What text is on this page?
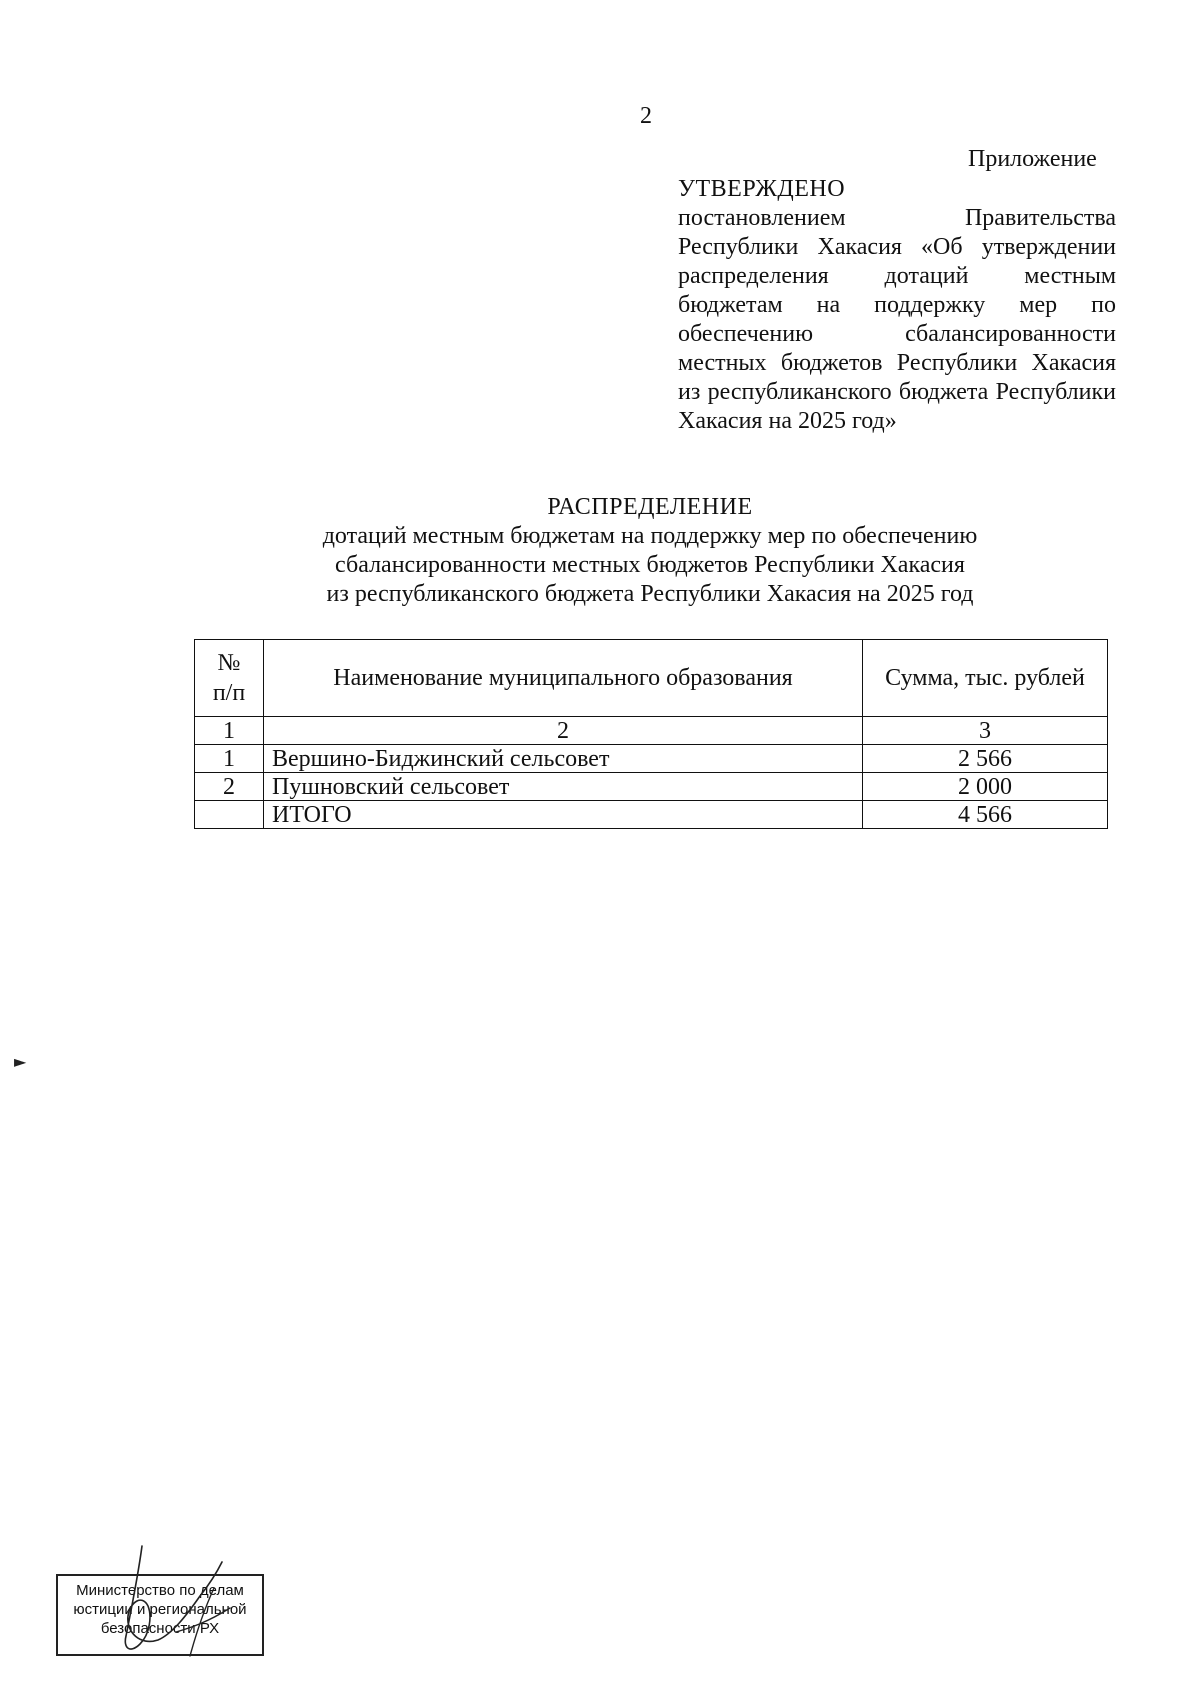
2
Приложение

УТВЕРЖДЕНО

постановлением Правительства Республики Хакасия «Об утверждении распределения дотаций местным бюджетам на поддержку мер по обеспечению сбалансированности местных бюджетов Республики Хакасия из республиканского бюджета Республики Хакасия на 2025 год»

РАСПРЕДЕЛЕНИЕ

дотаций местным бюджетам на поддержку мер по обеспечению

сбалансированности местных бюджетов Республики Хакасия

из республиканского бюджета Республики Хакасия на 2025 год

№
п/п	Наименование муниципального образования	Сумма, тыс. рублей
1	2	3
1	Вершино-Биджинский сельсовет	2 566
2	Пушновский сельсовет	2 000
	ИТОГО	4 566
►
Министерство по делам
юстиции и региональной
безопасности РХ
